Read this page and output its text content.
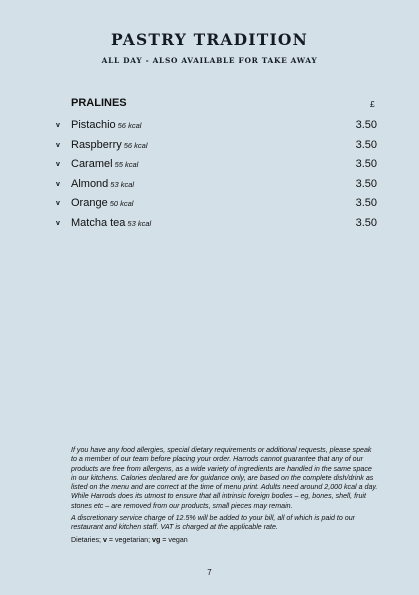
PASTRY TRADITION
ALL DAY - ALSO AVAILABLE FOR TAKE AWAY
PRALINES	£
v Pistachio 56 kcal	3.50
v Raspberry 56 kcal	3.50
v Caramel 55 kcal	3.50
v Almond 53 kcal	3.50
v Orange 50 kcal	3.50
v Matcha tea 53 kcal	3.50

If you have any food allergies, special dietary requirements or additional requests, please speak to a member of our team before placing your order. Harrods cannot guarantee that any of our products are free from allergens, as a wide variety of ingredients are handled in the same space in our kitchens. Calories declared are for guidance only, are based on the complete dish/drink as listed on the menu and are correct at the time of menu print. Adults need around 2,000 kcal a day. While Harrods does its utmost to ensure that all intrinsic foreign bodies – eg, bones, shell, fruit stones etc – are removed from our products, small pieces may remain.

A discretionary service charge of 12.5% will be added to your bill, all of which is paid to our restaurant and kitchen staff. VAT is charged at the applicable rate.

Dietaries; v = vegetarian; vg = vegan

7
